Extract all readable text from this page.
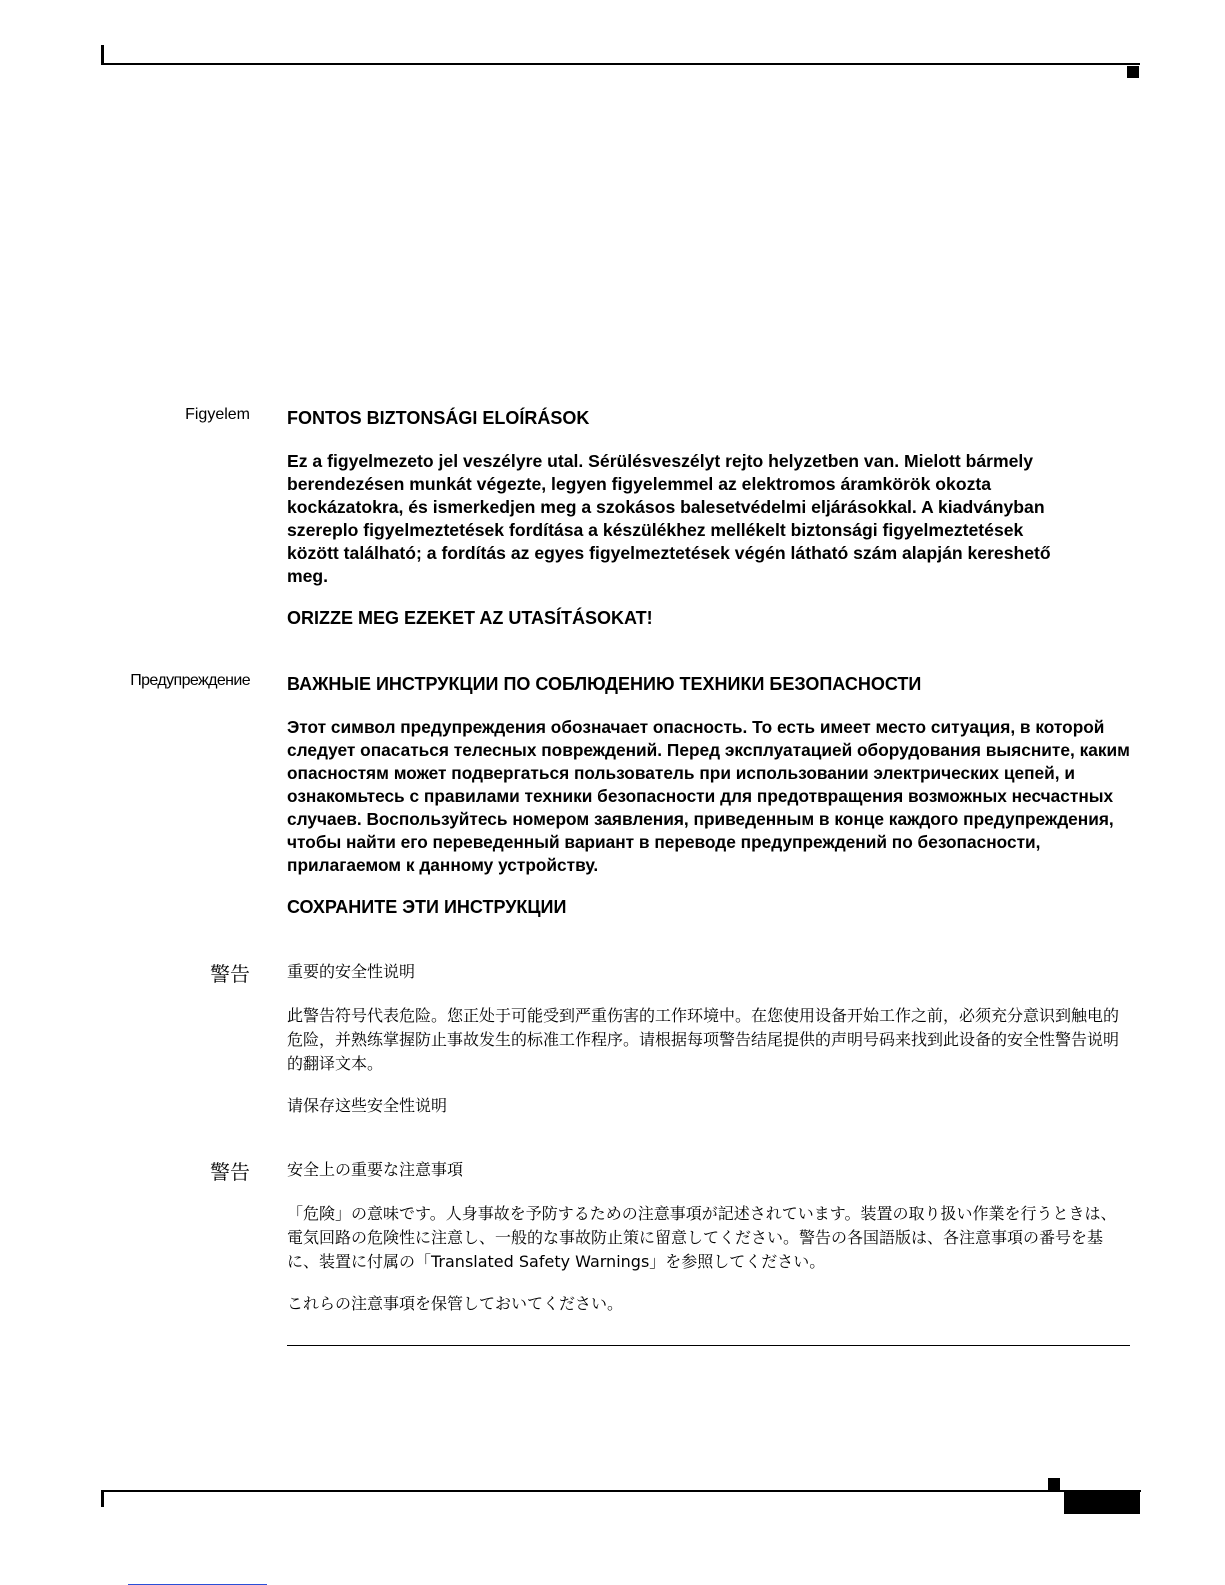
Figyelem FONTOS BIZTONSÁGI ELOÍRÁSOK

Ez a figyelmezeto jel veszélyre utal. Sérülésveszélyt rejto helyzetben van. Mielott bármely berendezésen munkát végezte, legyen figyelemmel az elektromos áramkörök okozta kockázatokra, és ismerkedjen meg a szokásos balesetvédelmi eljárásokkal. A kiadványban szereplo figyelmeztetések fordítása a készülékhez mellékelt biztonsági figyelmeztetések között található; a fordítás az egyes figyelmeztetések végén látható szám alapján kereshető meg.

ORIZZE MEG EZEKET AZ UTASÍTÁSOKAT!

Предупреждение ВАЖНЫЕ ИНСТРУКЦИИ ПО СОБЛЮДЕНИЮ ТЕХНИКИ БЕЗОПАСНОСТИ

Этот символ предупреждения обозначает опасность. То есть имеет место ситуация, в которой следует опасаться телесных повреждений. Перед эксплуатацией оборудования выясните, каким опасностям может подвергаться пользователь при использовании электрических цепей, и ознакомьтесь с правилами техники безопасности для предотвращения возможных несчастных случаев. Воспользуйтесь номером заявления, приведенным в конце каждого предупреждения, чтобы найти его переведенный вариант в переводе предупреждений по безопасности, прилагаемом к данному устройству.

СОХРАНИТЕ ЭТИ ИНСТРУКЦИИ

警告 重要的安全性说明

此警告符号代表危险。您正处于可能受到严重伤害的工作环境中。在您使用设备开始工作之前，必须充分意识到触电的危险，并熟练掌握防止事故发生的标准工作程序。请根据每项警告结尾提供的声明号码来找到此设备的安全性警告说明的翻译文本。

请保存这些安全性说明

警告 安全上の重要な注意事項

「危険」の意味です。人身事故を予防するための注意事項が記述されています。装置の取り扱い作業を行うときは、電気回路の危険性に注意し、一般的な事故防止策に留意してください。警告の各国語版は、各注意事項の番号を基に、装置に付属の「Translated Safety Warnings」を参照してください。

これらの注意事項を保管しておいてください。
